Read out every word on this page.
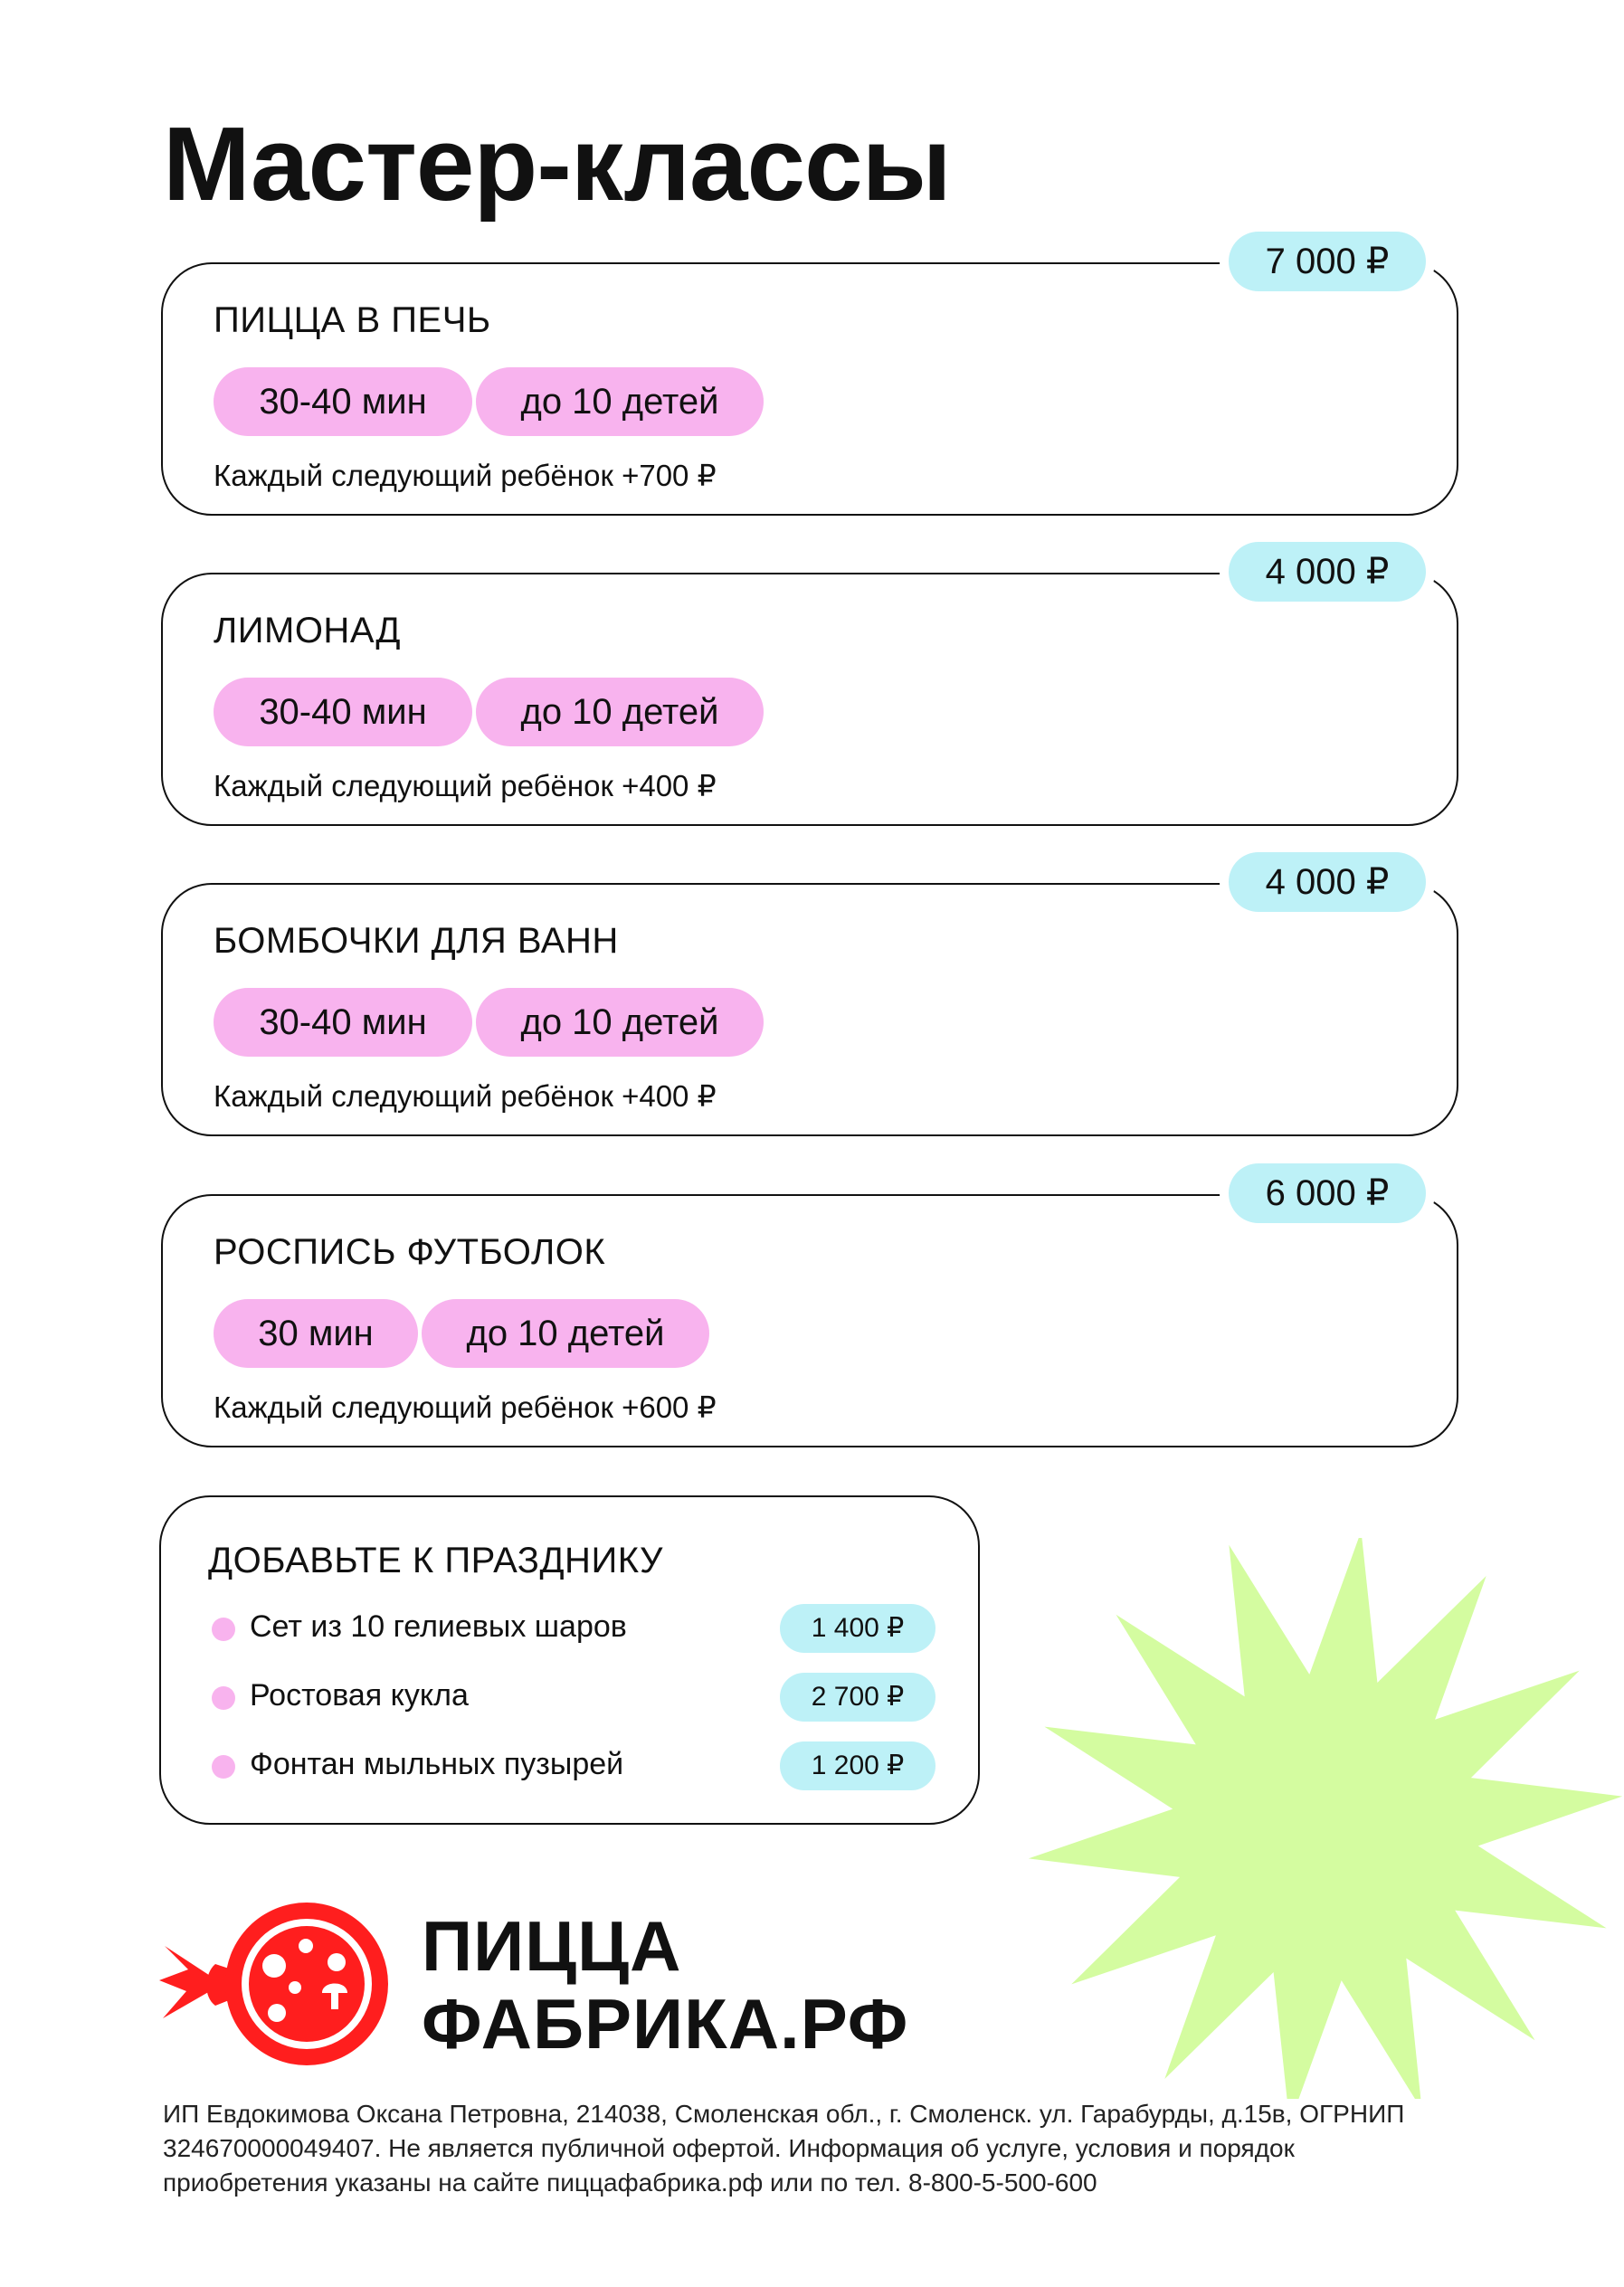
Мастер-классы
7 000 ₽
ПИЦЦА В ПЕЧЬ
30-40 мин	до 10 детей
Каждый следующий ребёнок +700 ₽
4 000 ₽
ЛИМОНАД
30-40 мин	до 10 детей
Каждый следующий ребёнок +400 ₽
4 000 ₽
БОМБОЧКИ ДЛЯ ВАНН
30-40 мин	до 10 детей
Каждый следующий ребёнок +400 ₽
6 000 ₽
РОСПИСЬ ФУТБОЛОК
30 мин	до 10 детей
Каждый следующий ребёнок +600 ₽
ДОБАВЬТЕ К ПРАЗДНИКУ
Сет из 10 гелиевых шаров	1 400 ₽
Ростовая кукла	2 700 ₽
Фонтан мыльных пузырей	1 200 ₽
ПИЦЦА
ФАБРИКА.РФ
ИП Евдокимова Оксана Петровна, 214038, Смоленская обл., г. Смоленск. ул. Гарабурды, д.15в, ОГРНИП 324670000049407. Не является публичной офертой. Информация об услуге, условия и порядок приобретения указаны на сайте пиццафабрика.рф или по тел. 8-800-5-500-600
